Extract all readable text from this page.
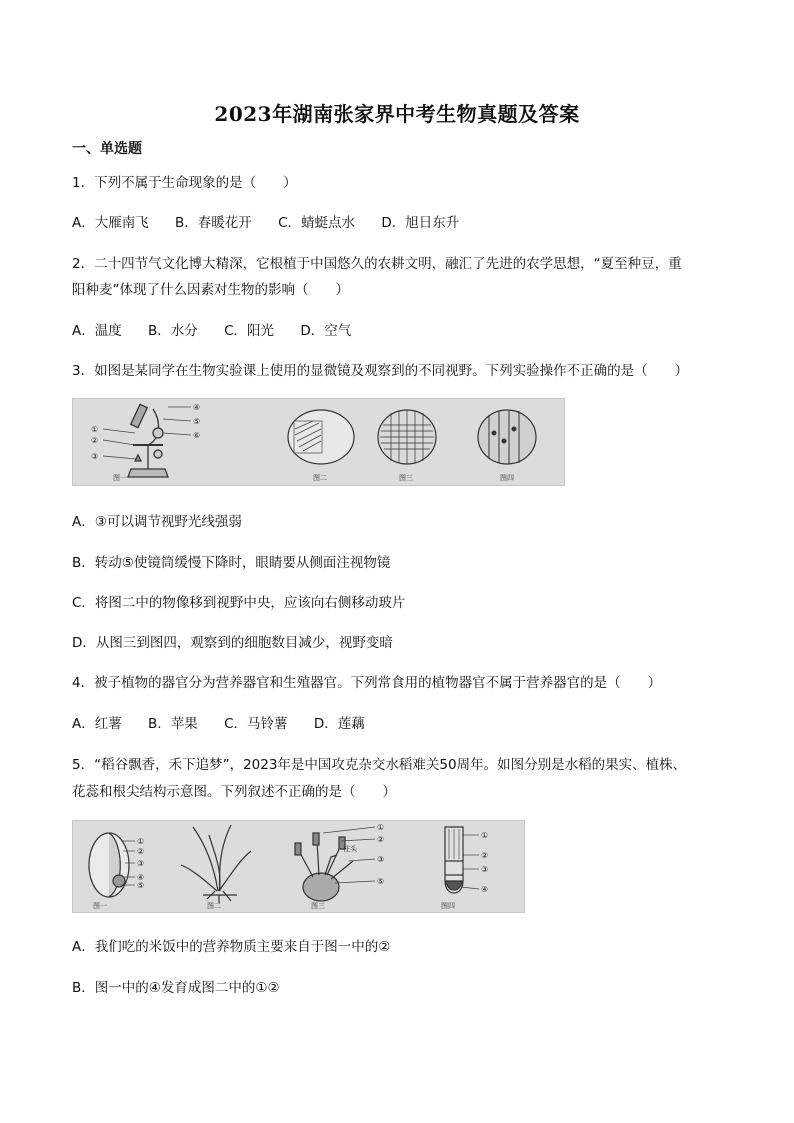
2023年湖南张家界中考生物真题及答案
一、单选题
1．下列不属于生命现象的是（　　）
A．大雁南飞 B．春暖花开 C．蜻蜓点水 D．旭日东升
2．二十四节气文化博大精深，它根植于中国悠久的农耕文明，融汇了先进的农学思想，“夏至种豆，重
阳种麦”体现了什么因素对生物的影响（　　）
A．温度 B．水分 C．阳光 D．空气
3．如图是某同学在生物实验课上使用的显微镜及观察到的不同视野。下列实验操作不正确的是（　　）
①
②
③
④
⑤
⑥
图一	图二	图三	图四
A．③可以调节视野光线强弱
B．转动⑤使镜筒缓慢下降时，眼睛要从侧面注视物镜
C．将图二中的物像移到视野中央，应该向右侧移动玻片
D．从图三到图四，观察到的细胞数目减少，视野变暗
4．被子植物的器官分为营养器官和生殖器官。下列常食用的植物器官不属于营养器官的是（　　）
A．红薯 B．苹果 C．马铃薯 D．莲藕
5．“稻谷飘香，禾下追梦”，2023年是中国攻克杂交水稻难关50周年。如图分别是水稻的果实、植株、
花蕊和根尖结构示意图。下列叙述不正确的是（　　）
①
②
③
④
⑤
①
②
柱头
③
⑤
①
②
③
④
图一	图二	图三	图四
A．我们吃的米饭中的营养物质主要来自于图一中的②
B．图一中的④发育成图二中的①②
